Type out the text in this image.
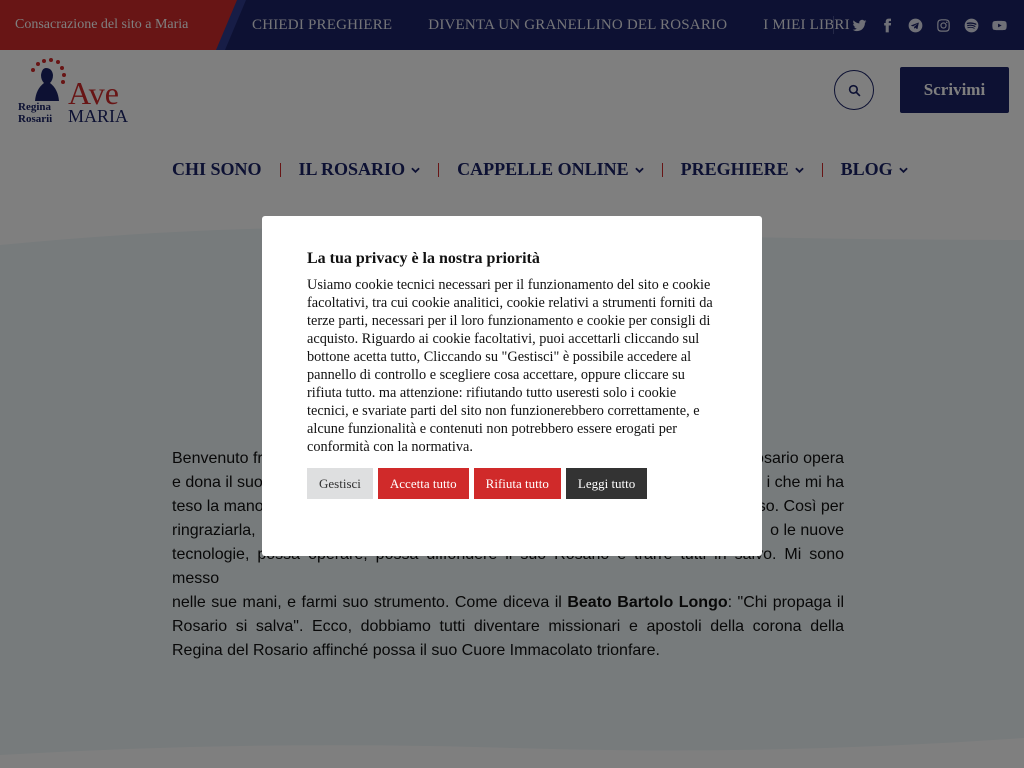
La tua privacy è la nostra priorità

Usiamo cookie tecnici necessari per il funzionamento del sito e cookie facoltativi, tra cui cookie analitici, cookie relativi a strumenti forniti da terze parti, necessari per il loro funzionamento e cookie per consigli di acquisto. Riguardo ai cookie facoltativi, puoi accettarli cliccando sul bottone acetta tutto, Cliccando su "Gestisci" è possibile accedere al pannello di controllo e scegliere cosa accettare, oppure cliccare su rifiuta tutto. ma attenzione: rifiutando tutto useresti solo i cookie tecnici, e svariate parti del sito non funzionerebbero correttamente, e alcune funzionalità e contenuti non potrebbero essere erogati per conformità con la normativa.

Gestisci	Accetta tutto	Rifiuta tutto	Leggi tutto
